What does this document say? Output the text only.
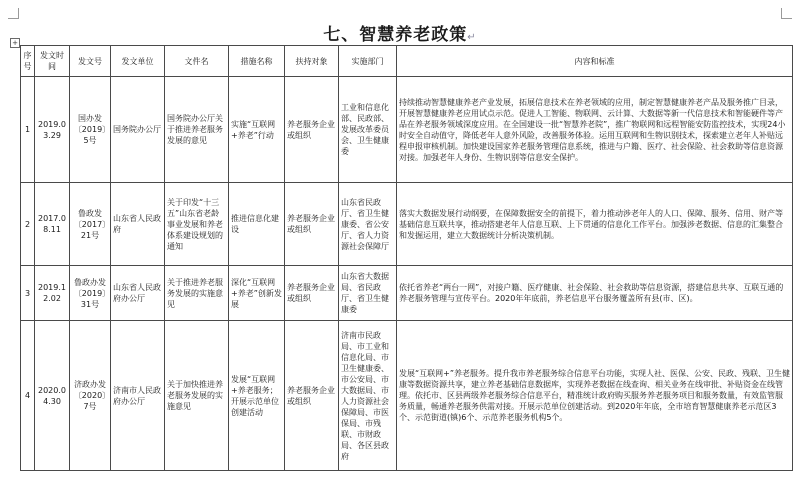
+	七、智慧养老政策↵
序号	发文时间	发文号	发文单位	文件名	措施名称	扶持对象	实施部门	内容和标准
1	2019.03.29	国办发〔2019〕5号	国务院办公厅	国务院办公厅关于推进养老服务发展的意见	实施“互联网+养老”行动	养老服务企业或组织	工业和信息化部、民政部、发展改革委员会、卫生健康委	持续推动智慧健康养老产业发展，拓展信息技术在养老领域的应用，制定智慧健康养老产品及服务推广目录，开展智慧健康养老应用试点示范。促进人工智能、物联网、云计算、大数据等新一代信息技术和智能硬件等产品在养老服务领域深度应用。在全国建设一批“智慧养老院”，推广物联网和远程智能安防监控技术，实现24小时安全自动值守，降低老年人意外风险，改善服务体验。运用互联网和生物识别技术，探索建立老年人补贴远程申报审核机制。加快建设国家养老服务管理信息系统，推进与户籍、医疗、社会保险、社会救助等信息资源对接。加强老年人身份、生物识别等信息安全保护。
2	2017.08.11	鲁政发〔2017〕21号	山东省人民政府	关于印发“十三五”山东省老龄事业发展和养老体系建设规划的通知	推进信息化建设	养老服务企业或组织	山东省民政厅、省卫生健康委、省公安厅、省人力资源社会保障厅	落实大数据发展行动纲要，在保障数据安全的前提下，着力推动涉老年人的人口、保障、服务、信用、财产等基础信息互联共享，推动搭建老年人信息互联、上下贯通的信息化工作平台。加强涉老数据、信息的汇集整合和发掘运用，建立大数据统计分析决策机制。
3	2019.12.02	鲁政办发〔2019〕31号	山东省人民政府办公厅	关于推进养老服务发展的实施意见	深化“互联网+养老”创新发展	养老服务企业或组织	山东省大数据局、省民政厅、省卫生健康委	依托省养老“两台一网”，对接户籍、医疗健康、社会保险、社会救助等信息资源，搭建信息共享、互联互通的养老服务管理与宣传平台。2020年年底前，养老信息平台服务覆盖所有县(市、区)。
4	2020.04.30	济政办发〔2020〕7号	济南市人民政府办公厅	关于加快推进养老服务发展的实施意见	发展“互联网+养老服务；开展示范单位创建活动	养老服务企业或组织	济南市民政局、市工业和信息化局、市卫生健康委、市公安局、市大数据局、市人力资源社会保障局、市医保局、市残联、市财政局、各区县政府	发展“互联网+”养老服务。提升我市养老服务综合信息平台功能，实现人社、医保、公安、民政、残联、卫生健康等数据资源共享，建立养老基础信息数据库，实现养老数据在线查询、相关业务在线审批、补贴资金在线管理。依托市、区县两级养老服务综合信息平台，精准统计政府购买服务养老服务项目和服务数量，有效监管服务质量，畅通养老服务供需对接。开展示范单位创建活动。到2020年年底，全市培育智慧健康养老示范区3个、示范街道(镇)6个、示范养老服务机构5个。
